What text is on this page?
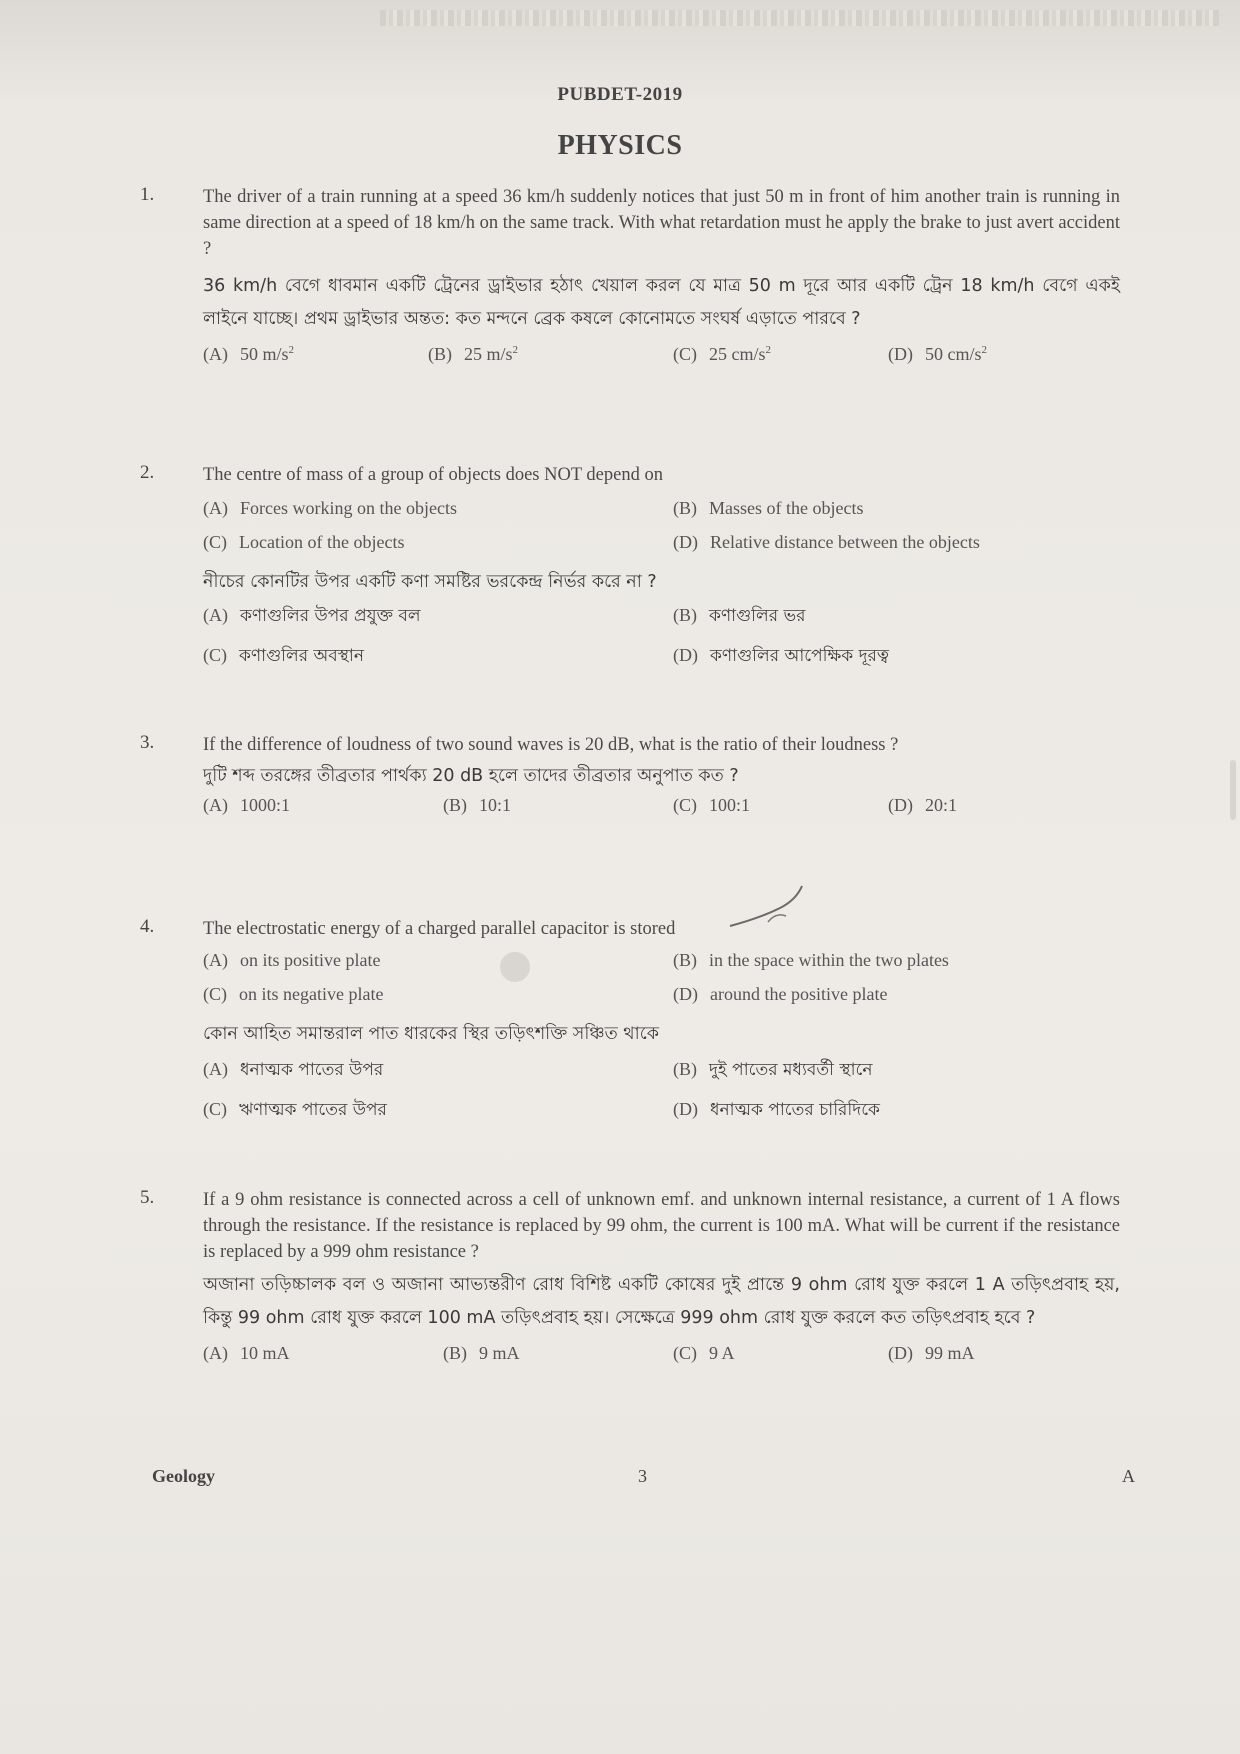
PUBDET-2019
PHYSICS
1.	The driver of a train running at a speed 36 km/h suddenly notices that just 50 m in front of him another train is running in same direction at a speed of 18 km/h on the same track. With what retardation must he apply the brake to just avert accident ?

36 km/h বেগে ধাবমান একটি ট্রেনের ড্রাইভার হঠাৎ খেয়াল করল যে মাত্র 50 m দূরে আর একটি ট্রেন 18 km/h বেগে একই লাইনে যাচ্ছে। প্রথম ড্রাইভার অন্তত: কত মন্দনে ব্রেক কষলে কোনোমতে সংঘর্ষ এড়াতে পারবে ?

(A) 50 $m/s^2$	(B) 25 $m/s^2$	(C) 25 $cm/s^2$	(D) 50 $cm/s^2$
2.	The centre of mass of a group of objects does NOT depend on

(A) Forces working on the objects	(B) Masses of the objects
(C) Location of the objects	(D) Relative distance between the objects

নীচের কোনটির উপর একটি কণা সমষ্টির ভরকেন্দ্র নির্ভর করে না ?

(A) কণাগুলির উপর প্রযুক্ত বল	(B) কণাগুলির ভর
(C) কণাগুলির অবস্থান	(D) কণাগুলির আপেক্ষিক দূরত্ব
3.	If the difference of loudness of two sound waves is 20 dB, what is the ratio of their loudness ?

দুটি শব্দ তরঙ্গের তীব্রতার পার্থক্য 20 dB হলে তাদের তীব্রতার অনুপাত কত ?

(A) 1000:1	(B) 10:1	(C) 100:1	(D) 20:1
4.	The electrostatic energy of a charged parallel capacitor is stored

(A) on its positive plate	(B) in the space within the two plates
(C) on its negative plate	(D) around the positive plate

কোন আহিত সমান্তরাল পাত ধারকের স্থির তড়িৎশক্তি সঞ্চিত থাকে

(A) ধনাত্মক পাতের উপর	(B) দুই পাতের মধ্যবর্তী স্থানে
(C) ঋণাত্মক পাতের উপর	(D) ধনাত্মক পাতের চারিদিকে
5.	If a 9 ohm resistance is connected across a cell of unknown emf. and unknown internal resistance, a current of 1 A flows through the resistance. If the resistance is replaced by 99 ohm, the current is 100 mA. What will be current if the resistance is replaced by a 999 ohm resistance ?

অজানা তড়িচ্চালক বল ও অজানা আভ্যন্তরীণ রোধ বিশিষ্ট একটি কোষের দুই প্রান্তে 9 ohm রোধ যুক্ত করলে 1 A তড়িৎপ্রবাহ হয়, কিন্তু 99 ohm রোধ যুক্ত করলে 100 mA তড়িৎপ্রবাহ হয়। সেক্ষেত্রে 999 ohm রোধ যুক্ত করলে কত তড়িৎপ্রবাহ হবে ?

(A) 10 mA	(B) 9 mA	(C) 9 A	(D) 99 mA
Geology	3	A
